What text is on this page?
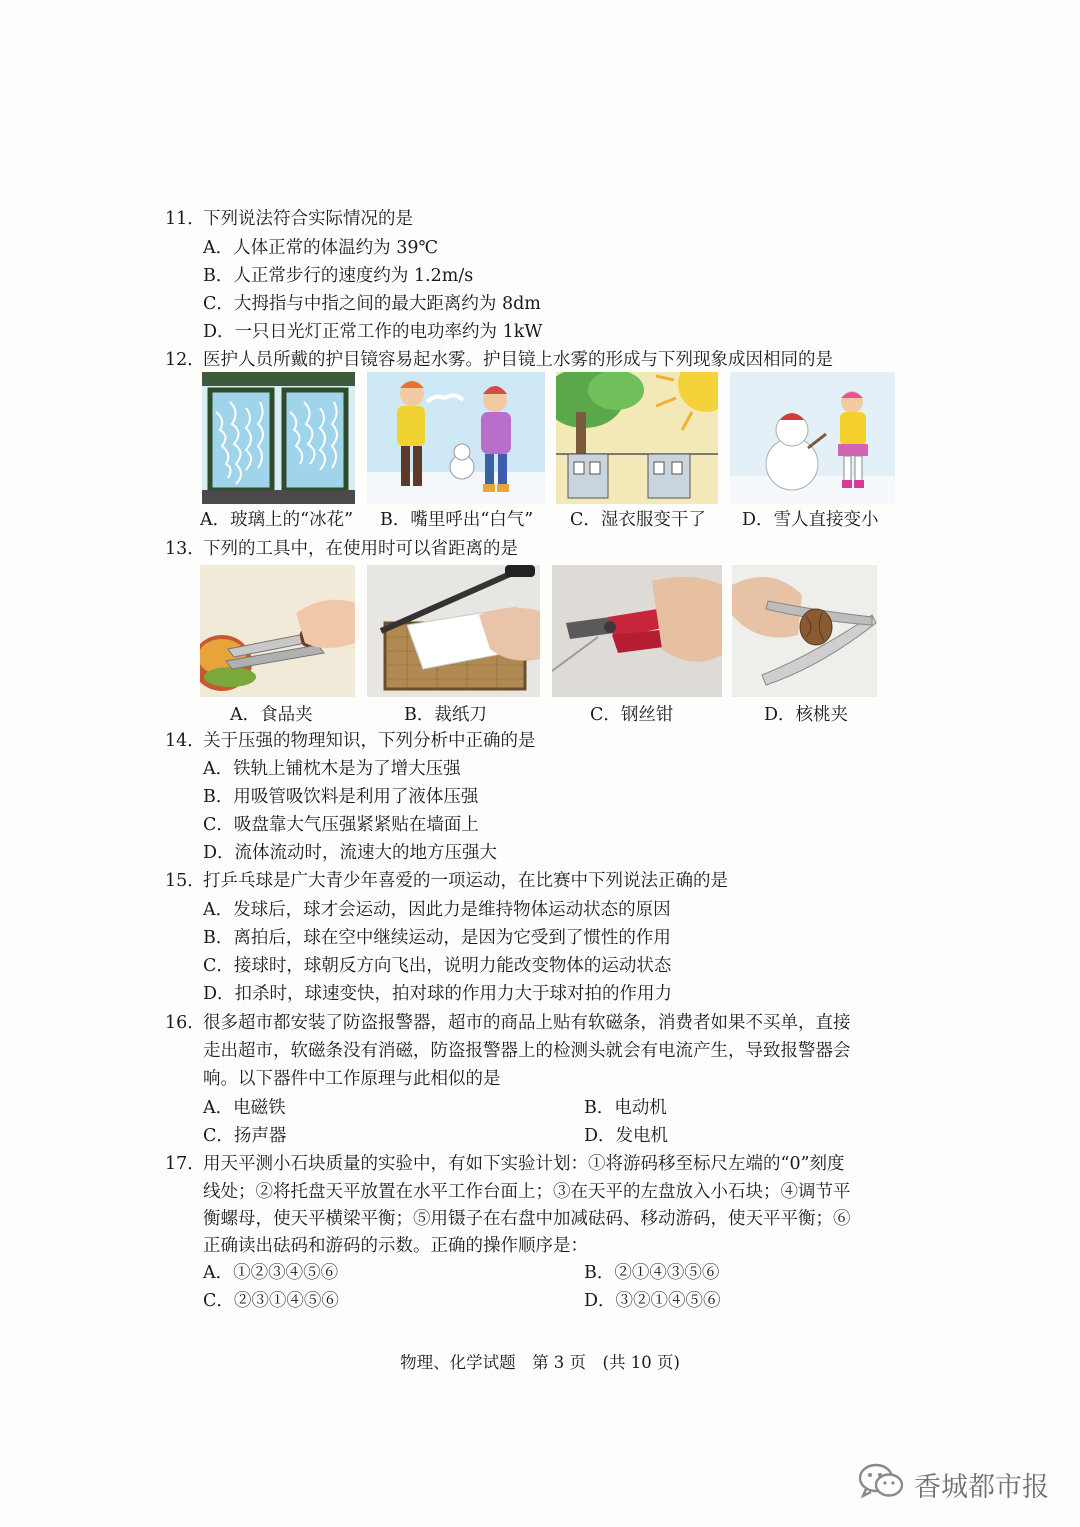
11．
下列说法符合实际情况的是
A．人体正常的体温约为 39℃
B．人正常步行的速度约为 1.2m/s
C．大拇指与中指之间的最大距离约为 8dm
D．一只日光灯正常工作的电功率约为 1kW
12．
医护人员所戴的护目镜容易起水雾。护目镜上水雾的形成与下列现象成因相同的是
A．玻璃上的“冰花” B．嘴里呼出“白气” C．湿衣服变干了 D．雪人直接变小
13．
下列的工具中，在使用时可以省距离的是
A．食品夹	B．裁纸刀	C．钢丝钳	D．核桃夹
14．
关于压强的物理知识，下列分析中正确的是
A．铁轨上铺枕木是为了增大压强
B．用吸管吸饮料是利用了液体压强
C．吸盘靠大气压强紧紧贴在墙面上
D．流体流动时，流速大的地方压强大
15．
打乒乓球是广大青少年喜爱的一项运动，在比赛中下列说法正确的是
A．发球后，球才会运动，因此力是维持物体运动状态的原因
B．离拍后，球在空中继续运动，是因为它受到了惯性的作用
C．接球时，球朝反方向飞出，说明力能改变物体的运动状态
D．扣杀时，球速变快，拍对球的作用力大于球对拍的作用力
16．
很多超市都安装了防盗报警器，超市的商品上贴有软磁条，消费者如果不买单，直接
走出超市，软磁条没有消磁，防盗报警器上的检测头就会有电流产生，导致报警器会
响。以下器件中工作原理与此相似的是
A．电磁铁	B．电动机
C．扬声器	D．发电机
17．
用天平测小石块质量的实验中，有如下实验计划：①将游码移至标尺左端的“0”刻度
线处；②将托盘天平放置在水平工作台面上；③在天平的左盘放入小石块；④调节平
衡螺母，使天平横梁平衡；⑤用镊子在右盘中加减砝码、移动游码，使天平平衡；⑥
正确读出砝码和游码的示数。正确的操作顺序是：
A．①②③④⑤⑥	B．②①④③⑤⑥
C．②③①④⑤⑥	D．③②①④⑤⑥
物理、化学试题　第 3 页　(共 10 页)
香城都市报
